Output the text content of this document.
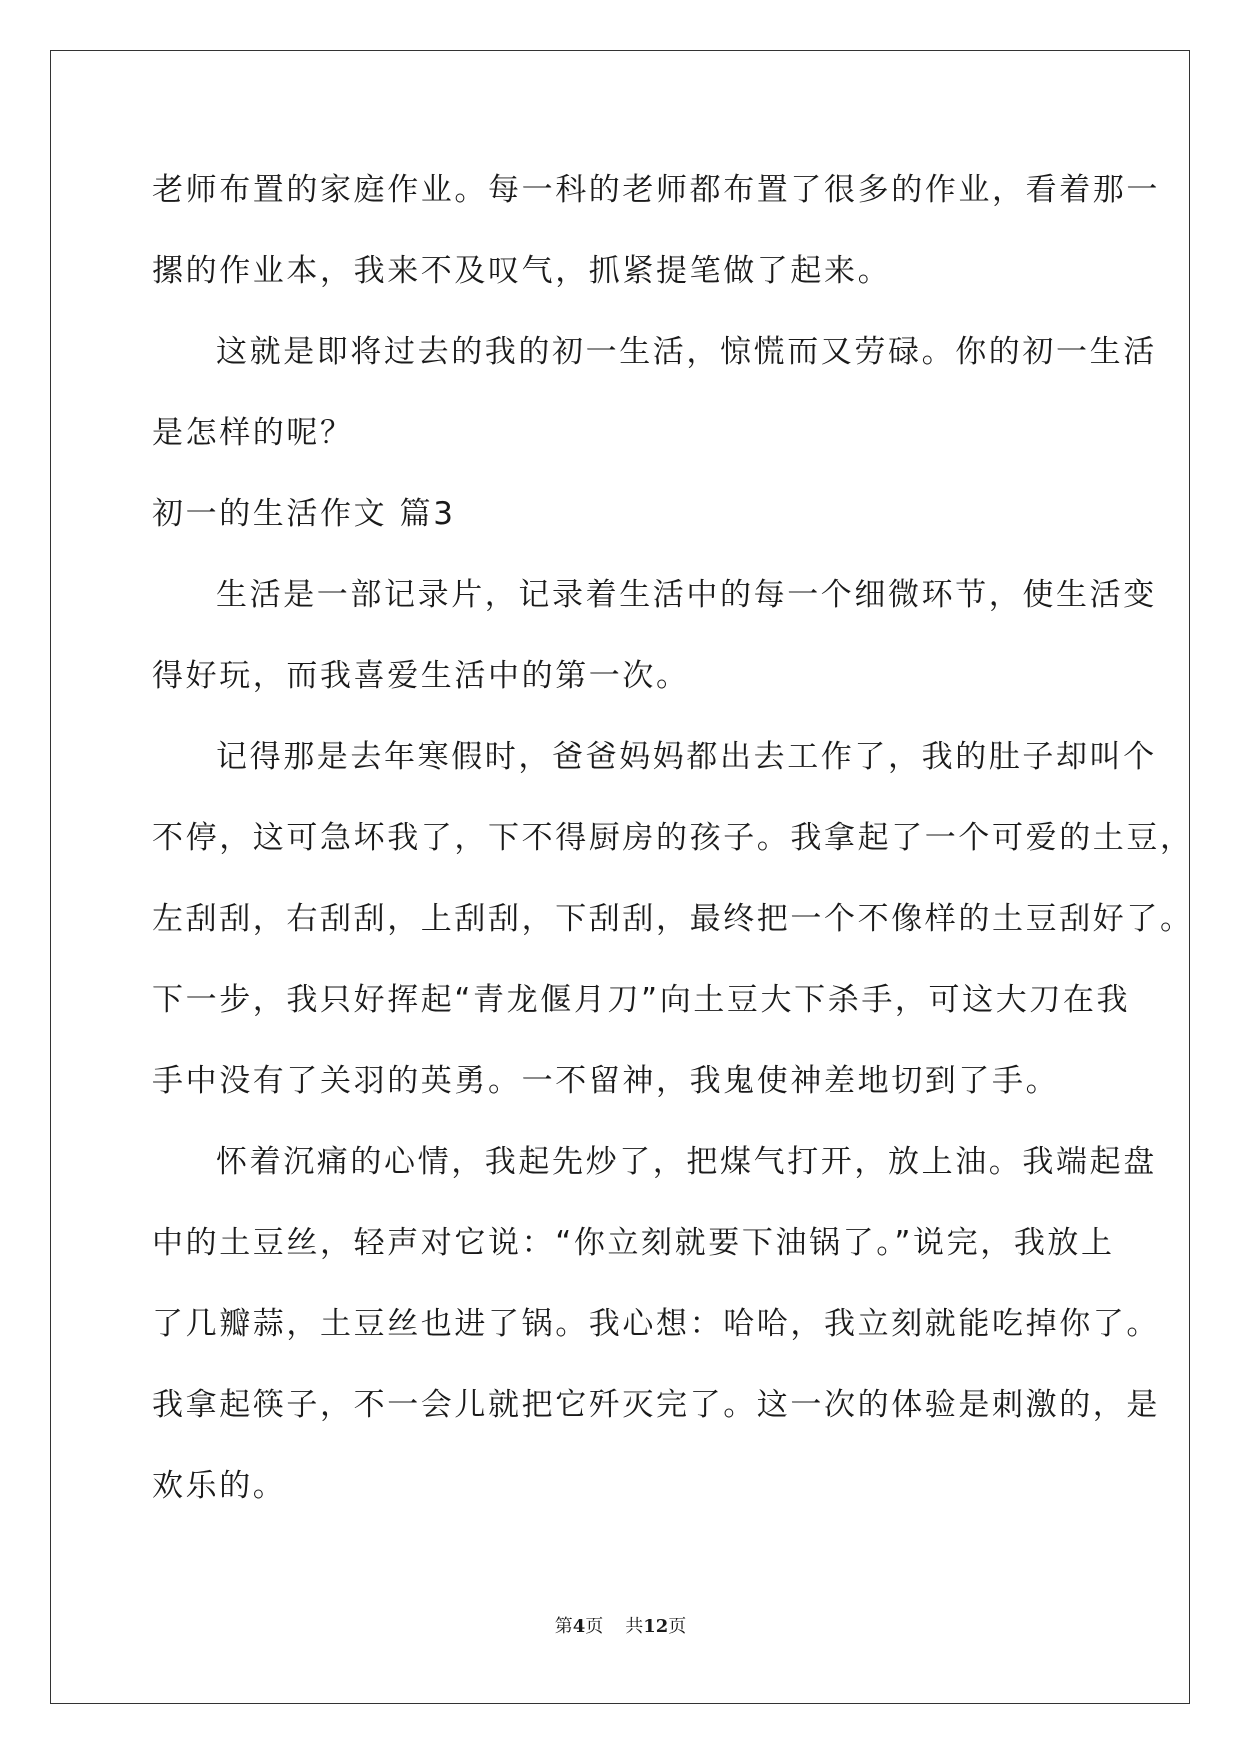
老师布置的家庭作业。每一科的老师都布置了很多的作业，看着那一
摞的作业本，我来不及叹气，抓紧提笔做了起来。
这就是即将过去的我的初一生活，惊慌而又劳碌。你的初一生活
是怎样的呢？
初一的生活作文 篇3
生活是一部记录片，记录着生活中的每一个细微环节，使生活变
得好玩，而我喜爱生活中的第一次。
记得那是去年寒假时，爸爸妈妈都出去工作了，我的肚子却叫个
不停，这可急坏我了，下不得厨房的孩子。我拿起了一个可爱的土豆，
左刮刮，右刮刮，上刮刮，下刮刮，最终把一个不像样的土豆刮好了。
下一步，我只好挥起“青龙偃月刀”向土豆大下杀手，可这大刀在我
手中没有了关羽的英勇。一不留神，我鬼使神差地切到了手。
怀着沉痛的心情，我起先炒了，把煤气打开，放上油。我端起盘
中的土豆丝，轻声对它说：“你立刻就要下油锅了。”说完，我放上
了几瓣蒜，土豆丝也进了锅。我心想：哈哈，我立刻就能吃掉你了。
我拿起筷子，不一会儿就把它歼灭完了。这一次的体验是刺激的，是
欢乐的。
第4页 共12页
